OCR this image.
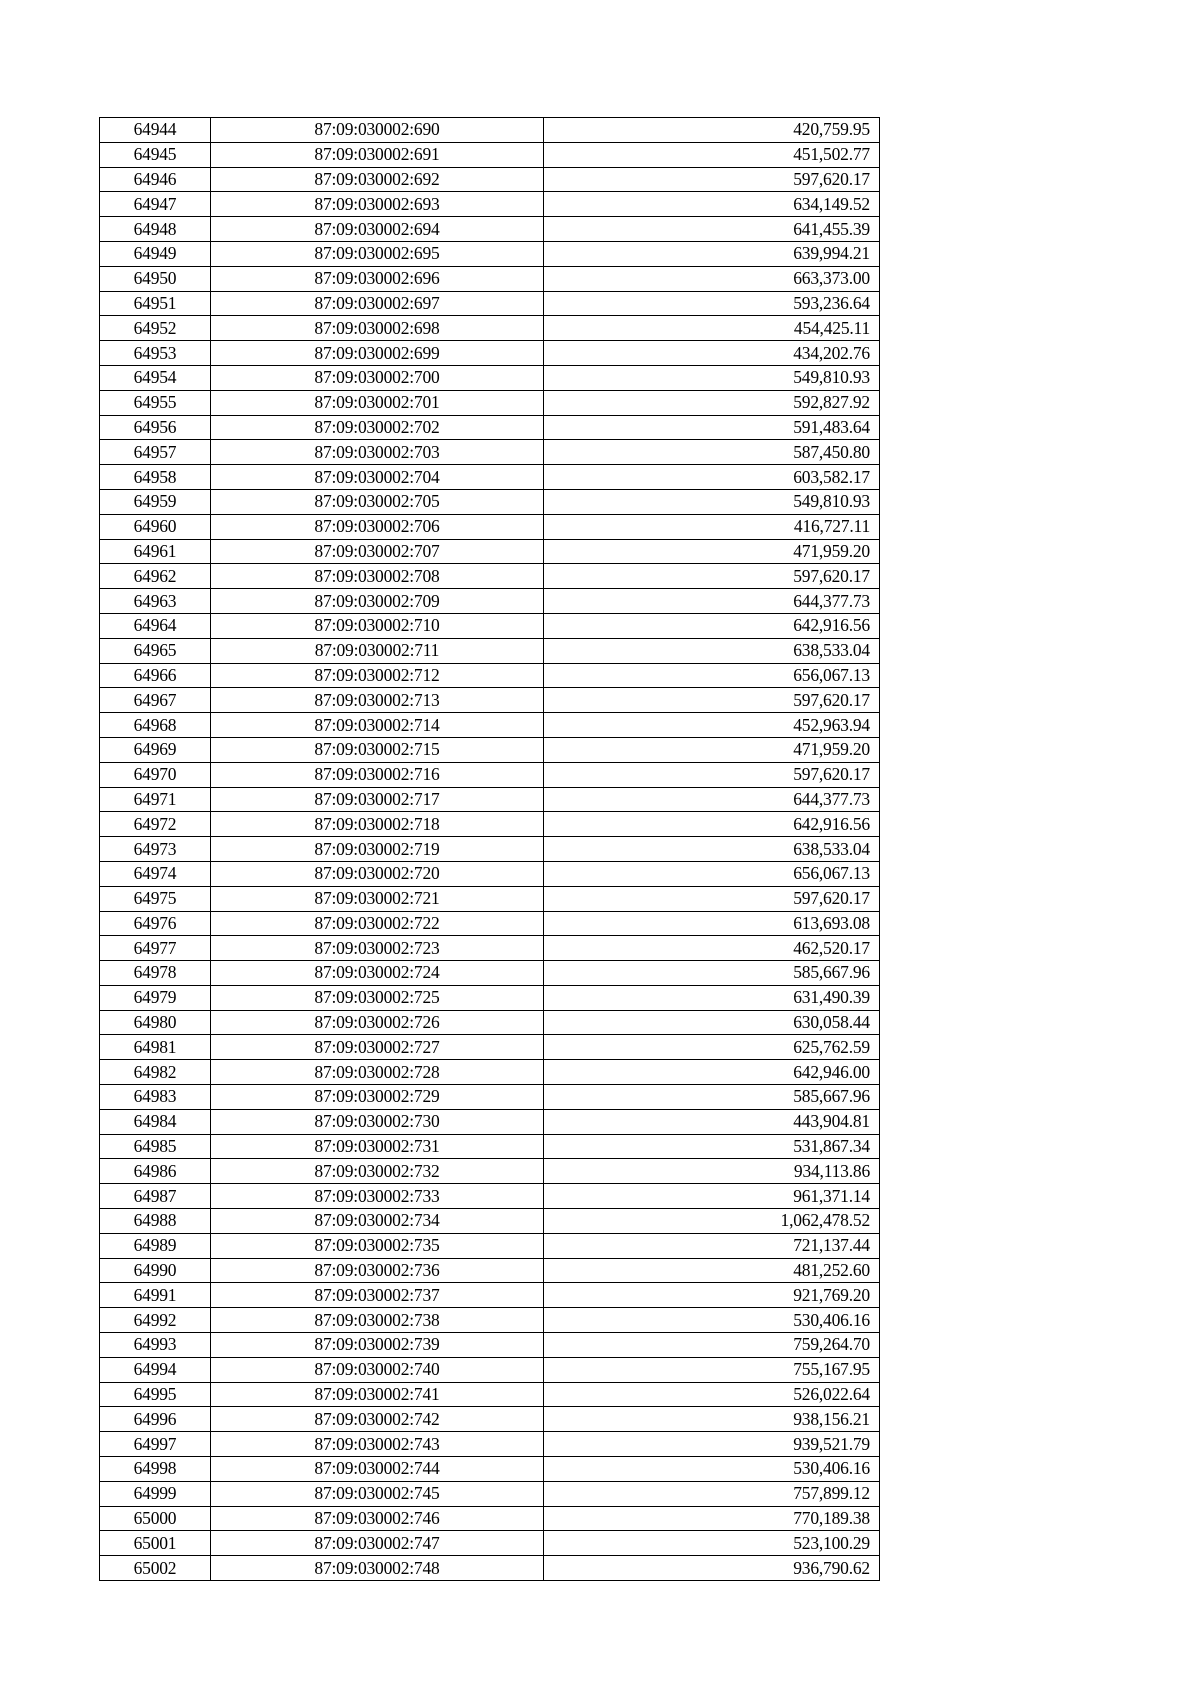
64944	87:09:030002:690	420,759.95
64945	87:09:030002:691	451,502.77
64946	87:09:030002:692	597,620.17
64947	87:09:030002:693	634,149.52
64948	87:09:030002:694	641,455.39
64949	87:09:030002:695	639,994.21
64950	87:09:030002:696	663,373.00
64951	87:09:030002:697	593,236.64
64952	87:09:030002:698	454,425.11
64953	87:09:030002:699	434,202.76
64954	87:09:030002:700	549,810.93
64955	87:09:030002:701	592,827.92
64956	87:09:030002:702	591,483.64
64957	87:09:030002:703	587,450.80
64958	87:09:030002:704	603,582.17
64959	87:09:030002:705	549,810.93
64960	87:09:030002:706	416,727.11
64961	87:09:030002:707	471,959.20
64962	87:09:030002:708	597,620.17
64963	87:09:030002:709	644,377.73
64964	87:09:030002:710	642,916.56
64965	87:09:030002:711	638,533.04
64966	87:09:030002:712	656,067.13
64967	87:09:030002:713	597,620.17
64968	87:09:030002:714	452,963.94
64969	87:09:030002:715	471,959.20
64970	87:09:030002:716	597,620.17
64971	87:09:030002:717	644,377.73
64972	87:09:030002:718	642,916.56
64973	87:09:030002:719	638,533.04
64974	87:09:030002:720	656,067.13
64975	87:09:030002:721	597,620.17
64976	87:09:030002:722	613,693.08
64977	87:09:030002:723	462,520.17
64978	87:09:030002:724	585,667.96
64979	87:09:030002:725	631,490.39
64980	87:09:030002:726	630,058.44
64981	87:09:030002:727	625,762.59
64982	87:09:030002:728	642,946.00
64983	87:09:030002:729	585,667.96
64984	87:09:030002:730	443,904.81
64985	87:09:030002:731	531,867.34
64986	87:09:030002:732	934,113.86
64987	87:09:030002:733	961,371.14
64988	87:09:030002:734	1,062,478.52
64989	87:09:030002:735	721,137.44
64990	87:09:030002:736	481,252.60
64991	87:09:030002:737	921,769.20
64992	87:09:030002:738	530,406.16
64993	87:09:030002:739	759,264.70
64994	87:09:030002:740	755,167.95
64995	87:09:030002:741	526,022.64
64996	87:09:030002:742	938,156.21
64997	87:09:030002:743	939,521.79
64998	87:09:030002:744	530,406.16
64999	87:09:030002:745	757,899.12
65000	87:09:030002:746	770,189.38
65001	87:09:030002:747	523,100.29
65002	87:09:030002:748	936,790.62
